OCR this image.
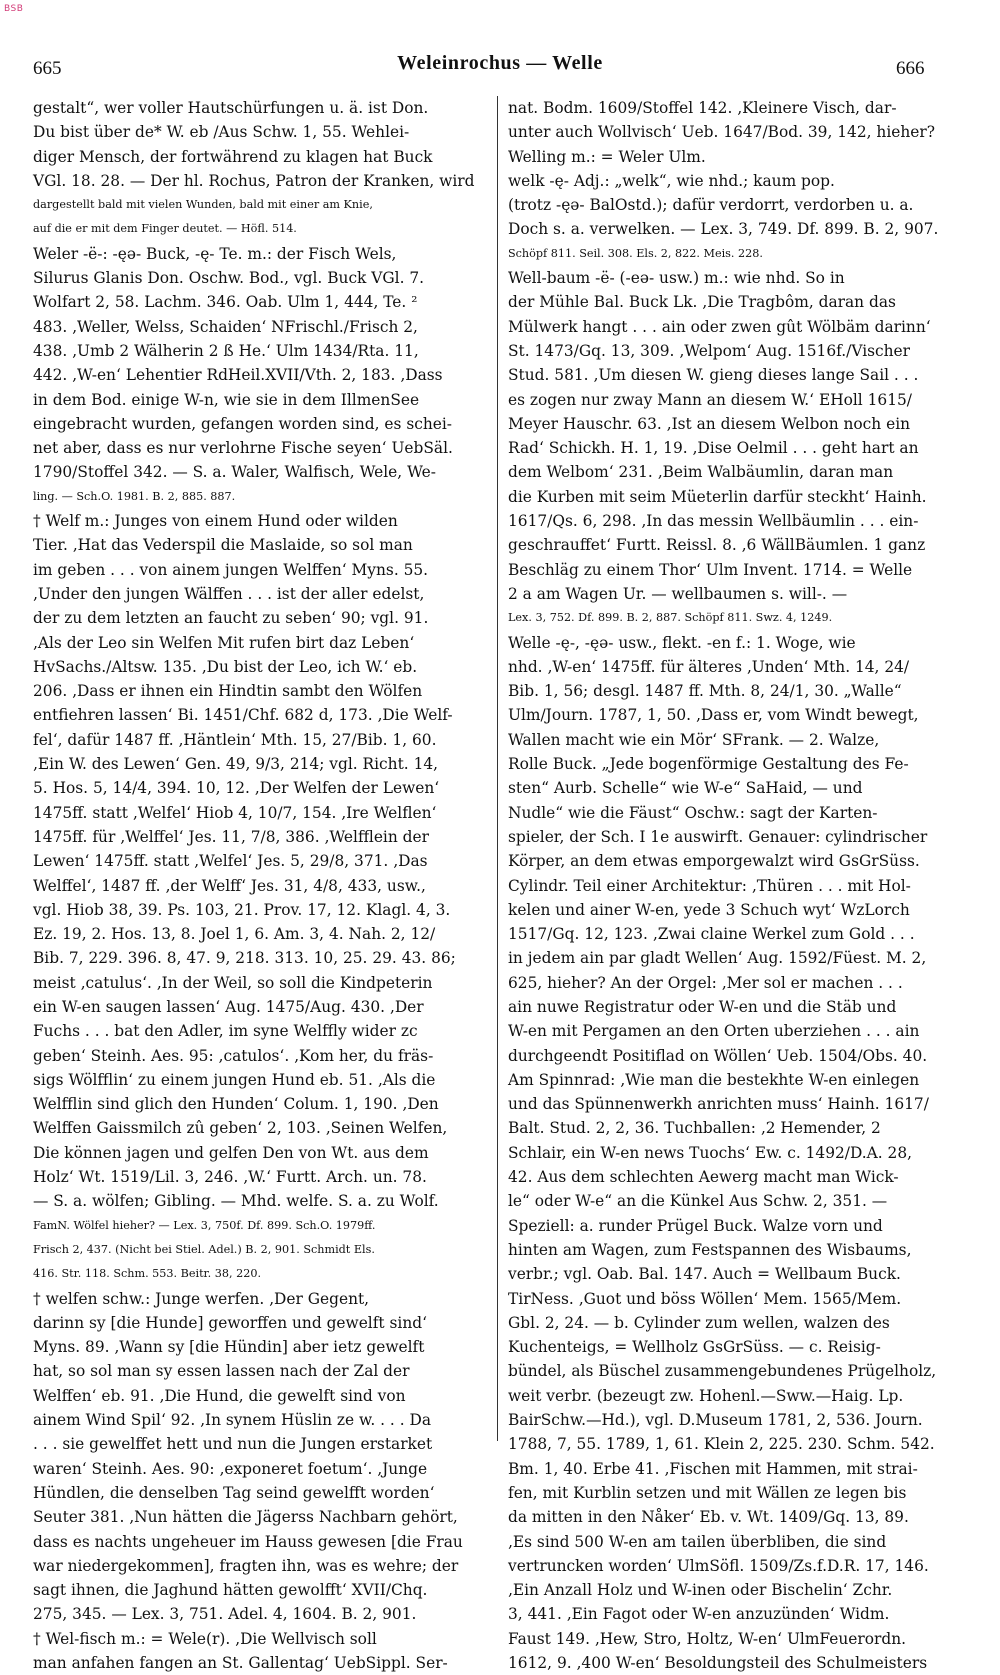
BSB
665	Weleinrochus — Welle	666
gestalt“, wer voller Hautschürfungen u. ä. ist Don.
Du bist über de* W. eb /Aus Schw. 1, 55. Wehlei-
diger Mensch, der fortwährend zu klagen hat Buck
VGl. 18. 28. — Der hl. Rochus, Patron der Kranken, wird
dargestellt bald mit vielen Wunden, bald mit einer am Knie,
auf die er mit dem Finger deutet. — Höfl. 514.
Weler -ë-: -ęə- Buck, -ę- Te. m.: der Fisch Wels,
Silurus Glanis Don. Oschw. Bod., vgl. Buck VGl. 7.
Wolfart 2, 58. Lachm. 346. Oab. Ulm 1, 444, Te. ²
483. ‚Weller, Welss, Schaiden‘ NFrischl./Frisch 2,
438. ‚Umb 2 Wälherin 2 ß He.‘ Ulm 1434/Rta. 11,
442. ‚W-en‘ Lehentier RdHeil.XVII/Vth. 2, 183. ‚Dass
in dem Bod. einige W-n, wie sie in dem IllmenSee
eingebracht wurden, gefangen worden sind, es schei-
net aber, dass es nur verlohrne Fische seyen‘ UebSäl.
1790/Stoffel 342. — S. a. Waler, Walfisch, Wele, We-
ling. — Sch.O. 1981. B. 2, 885. 887.
† Welf m.: Junges von einem Hund oder wilden
Tier. ‚Hat das Vederspil die Maslaide, so sol man
im geben . . . von ainem jungen Welffen‘ Myns. 55.
‚Under den jungen Wälffen . . . ist der aller edelst,
der zu dem letzten an faucht zu seben‘ 90; vgl. 91.
‚Als der Leo sin Welfen Mit rufen birt daz Leben‘
HvSachs./Altsw. 135. ‚Du bist der Leo, ich W.‘ eb.
206. ‚Dass er ihnen ein Hindtin sambt den Wölfen
entfiehren lassen‘ Bi. 1451/Chf. 682 d, 173. ‚Die Welf-
fel‘, dafür 1487 ff. ‚Häntlein‘ Mth. 15, 27/Bib. 1, 60.
‚Ein W. des Lewen‘ Gen. 49, 9/3, 214; vgl. Richt. 14,
5. Hos. 5, 14/4, 394. 10, 12. ‚Der Welfen der Lewen‘
1475ff. statt ‚Welfel‘ Hiob 4, 10/7, 154. ‚Ire Welflen‘
1475ff. für ‚Welffel‘ Jes. 11, 7/8, 386. ‚Welfflein der
Lewen‘ 1475ff. statt ‚Welfel‘ Jes. 5, 29/8, 371. ‚Das
Welffel‘, 1487 ff. ‚der Welff‘ Jes. 31, 4/8, 433, usw.,
vgl. Hiob 38, 39. Ps. 103, 21. Prov. 17, 12. Klagl. 4, 3.
Ez. 19, 2. Hos. 13, 8. Joel 1, 6. Am. 3, 4. Nah. 2, 12/
Bib. 7, 229. 396. 8, 47. 9, 218. 313. 10, 25. 29. 43. 86;
meist ‚catulus‘. ‚In der Weil, so soll die Kindpeterin
ein W-en saugen lassen‘ Aug. 1475/Aug. 430. ‚Der
Fuchs . . . bat den Adler, im syne Welffly wider zc
geben‘ Steinh. Aes. 95: ‚catulos‘. ‚Kom her, du fräs-
sigs Wölfflin‘ zu einem jungen Hund eb. 51. ‚Als die
Welfflin sind glich den Hunden‘ Colum. 1, 190. ‚Den
Welffen Gaissmilch zû geben‘ 2, 103. ‚Seinen Welfen,
Die können jagen und gelfen Den von Wt. aus dem
Holz‘ Wt. 1519/Lil. 3, 246. ‚W.‘ Furtt. Arch. un. 78.
— S. a. wölfen; Gibling. — Mhd. welfe. S. a. zu Wolf.
FamN. Wölfel hieher? — Lex. 3, 750f. Df. 899. Sch.O. 1979ff.
Frisch 2, 437. (Nicht bei Stiel. Adel.) B. 2, 901. Schmidt Els.
416. Str. 118. Schm. 553. Beitr. 38, 220.
† welfen schw.: Junge werfen. ‚Der Gegent,
darinn sy [die Hunde] geworffen und gewelft sind‘
Myns. 89. ‚Wann sy [die Hündin] aber ietz gewelft
hat, so sol man sy essen lassen nach der Zal der
Welffen‘ eb. 91. ‚Die Hund, die gewelft sind von
ainem Wind Spil‘ 92. ‚In synem Hüslin ze w. . . . Da
. . . sie gewelffet hett und nun die Jungen erstarket
waren‘ Steinh. Aes. 90: ‚exponeret foetum‘. ‚Junge
Hündlen, die denselben Tag seind gewelfft worden‘
Seuter 381. ‚Nun hätten die Jägerss Nachbarn gehört,
dass es nachts ungeheuer im Hauss gewesen [die Frau
war niedergekommen], fragten ihn, was es wehre; der
sagt ihnen, die Jaghund hätten gewolfft‘ XVII/Chq.
275, 345. — Lex. 3, 751. Adel. 4, 1604. B. 2, 901.
† Wel-fisch m.: = Wele(r). ‚Die Wellvisch soll
man anfahen fangen an St. Gallentag‘ UebSippl. Ser-
nat. Bodm. 1609/Stoffel 142. ‚Kleinere Visch, dar-
unter auch Wollvisch‘ Ueb. 1647/Bod. 39, 142, hieher?
Welling m.: = Weler Ulm.
welk -ę- Adj.: „welk“, wie nhd.; kaum pop.
(trotz -ęə- BalOstd.); dafür verdorrt, verdorben u. a.
Doch s. a. verwelken. — Lex. 3, 749. Df. 899. B. 2, 907.
Schöpf 811. Seil. 308. Els. 2, 822. Meis. 228.
Well-baum -ë- (-eə- usw.) m.: wie nhd. So in
der Mühle Bal. Buck Lk. ‚Die Tragbôm, daran das
Mülwerk hangt . . . ain oder zwen gût Wölbäm darinn‘
St. 1473/Gq. 13, 309. ‚Welpom‘ Aug. 1516f./Vischer
Stud. 581. ‚Um diesen W. gieng dieses lange Sail . . .
es zogen nur zway Mann an diesem W.‘ EHoll 1615/
Meyer Hauschr. 63. ‚Ist an diesem Welbon noch ein
Rad‘ Schickh. H. 1, 19. ‚Dise Oelmil . . . geht hart an
dem Welbom‘ 231. ‚Beim Walbäumlin, daran man
die Kurben mit seim Müeterlin darfür steckht‘ Hainh.
1617/Qs. 6, 298. ‚In das messin Wellbäumlin . . . ein-
geschrauffet‘ Furtt. Reissl. 8. ‚6 WällBäumlen. 1 ganz
Beschläg zu einem Thor‘ Ulm Invent. 1714. = Welle
2 a am Wagen Ur. — wellbaumen s. will-. —
Lex. 3, 752. Df. 899. B. 2, 887. Schöpf 811. Swz. 4, 1249.
Welle -ę-, -ęə- usw., flekt. -en f.: 1. Woge, wie
nhd. ‚W-en‘ 1475ff. für älteres ‚Unden‘ Mth. 14, 24/
Bib. 1, 56; desgl. 1487 ff. Mth. 8, 24/1, 30. „Walle“
Ulm/Journ. 1787, 1, 50. ‚Dass er, vom Windt bewegt,
Wallen macht wie ein Mör‘ SFrank. — 2. Walze,
Rolle Buck. „Jede bogenförmige Gestaltung des Fe-
sten“ Aurb. Schelle“ wie W-e“ SaHaid, — und
Nudle“ wie die Fäust“ Oschw.: sagt der Karten-
spieler, der Sch. I 1e auswirft. Genauer: cylindrischer
Körper, an dem etwas emporgewalzt wird GsGrSüss.
Cylindr. Teil einer Architektur: ‚Thüren . . . mit Hol-
kelen und ainer W-en, yede 3 Schuch wyt‘ WzLorch
1517/Gq. 12, 123. ‚Zwai claine Werkel zum Gold . . .
in jedem ain par gladt Wellen‘ Aug. 1592/Füest. M. 2,
625, hieher? An der Orgel: ‚Mer sol er machen . . .
ain nuwe Registratur oder W-en und die Stäb und
W-en mit Pergamen an den Orten uberziehen . . . ain
durchgeendt Positiflad on Wöllen‘ Ueb. 1504/Obs. 40.
Am Spinnrad: ‚Wie man die bestekhte W-en einlegen
und das Spünnenwerkh anrichten muss‘ Hainh. 1617/
Balt. Stud. 2, 2, 36. Tuchballen: ‚2 Hemender, 2
Schlair, ein W-en news Tuochs‘ Ew. c. 1492/D.A. 28,
42. Aus dem schlechten Aewerg macht man Wick-
le“ oder W-e“ an die Künkel Aus Schw. 2, 351. —
Speziell: a. runder Prügel Buck. Walze vorn und
hinten am Wagen, zum Festspannen des Wisbaums,
verbr.; vgl. Oab. Bal. 147. Auch = Wellbaum Buck.
TirNess. ‚Guot und böss Wöllen‘ Mem. 1565/Mem.
Gbl. 2, 24. — b. Cylinder zum wellen, walzen des
Kuchenteigs, = Wellholz GsGrSüss. — c. Reisig-
bündel, als Büschel zusammengebundenes Prügelholz,
weit verbr. (bezeugt zw. Hohenl.—Sww.—Haig. Lp.
BairSchw.—Hd.), vgl. D.Museum 1781, 2, 536. Journ.
1788, 7, 55. 1789, 1, 61. Klein 2, 225. 230. Schm. 542.
Bm. 1, 40. Erbe 41. ‚Fischen mit Hammen, mit strai-
fen, mit Kurblin setzen und mit Wällen ze legen bis
da mitten in den Nåker‘ Eb. v. Wt. 1409/Gq. 13, 89.
‚Es sind 500 W-en am tailen überbliben, die sind
vertruncken worden‘ UlmSöfl. 1509/Zs.f.D.R. 17, 146.
‚Ein Anzall Holz und W-inen oder Bischelin‘ Zchr.
3, 441. ‚Ein Fagot oder W-en anzuzünden‘ Widm.
Faust 149. ‚Hew, Stro, Holtz, W-en‘ UlmFeuerordn.
1612, 9. ‚400 W-en‘ Besoldungsteil des Schulmeisters
